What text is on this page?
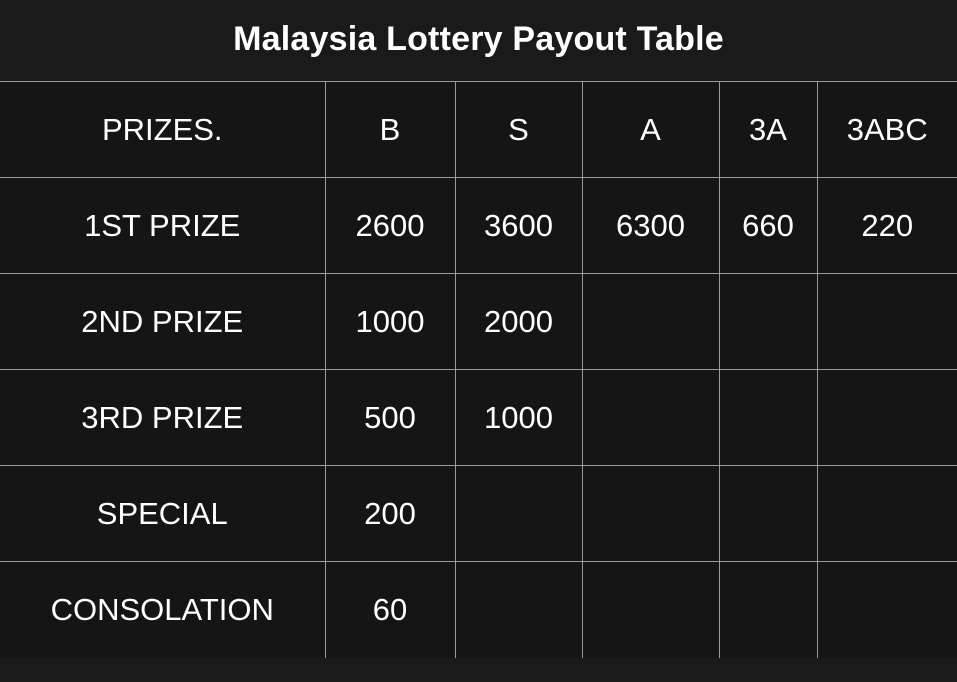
Malaysia Lottery Payout Table
PRIZES.	B	S	A	3A	3ABC
1ST PRIZE	2600	3600	6300	660	220
2ND PRIZE	1000	2000			
3RD PRIZE	500	1000			
SPECIAL	200				
CONSOLATION	60				
